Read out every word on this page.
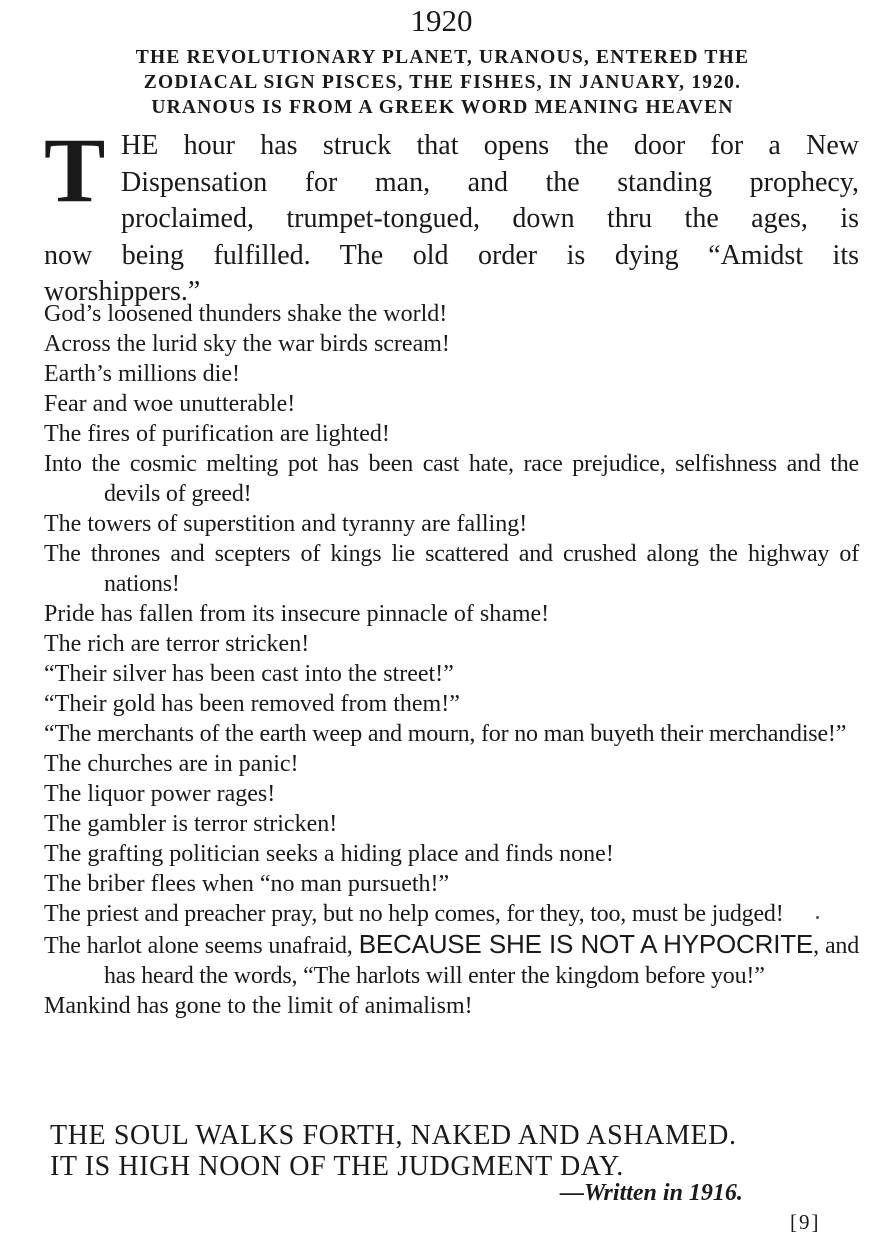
1920
THE REVOLUTIONARY PLANET, URANOUS, ENTERED THE
ZODIACAL SIGN PISCES, THE FISHES, IN JANUARY, 1920.
URANOUS IS FROM A GREEK WORD MEANING HEAVEN
T HE hour has struck that opens the door for a New
Dispensation for man, and the standing prophecy,
proclaimed, trumpet-tongued, down thru the ages, is
now being fulfilled. The old order is dying “Amidst its
worshippers.”
God’s loosened thunders shake the world!
Across the lurid sky the war birds scream!
Earth’s millions die!
Fear and woe unutterable!
The fires of purification are lighted!
Into the cosmic melting pot has been cast hate, race prejudice, selfishness and the devils of greed!
The towers of superstition and tyranny are falling!
The thrones and scepters of kings lie scattered and crushed along the highway of nations!
Pride has fallen from its insecure pinnacle of shame!
The rich are terror stricken!
“Their silver has been cast into the street!”
“Their gold has been removed from them!”
“The merchants of the earth weep and mourn, for no man buyeth their merchandise!”
The churches are in panic!
The liquor power rages!
The gambler is terror stricken!
The grafting politician seeks a hiding place and finds none!
The briber flees when “no man pursueth!”
The priest and preacher pray, but no help comes, for they, too, must be judged!
The harlot alone seems unafraid, BECAUSE SHE IS NOT A HYPOCRITE, and has heard the words, “The harlots will enter the kingdom before you!”
Mankind has gone to the limit of animalism!
THE SOUL WALKS FORTH, NAKED AND ASHAMED.
IT IS HIGH NOON OF THE JUDGMENT DAY.
—Written in 1916.
[9]
